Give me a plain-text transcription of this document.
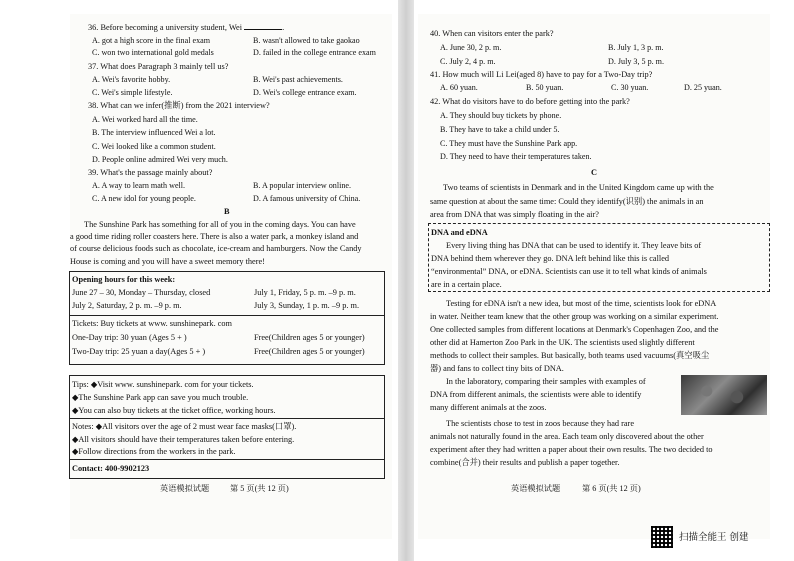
36. Before becoming a university student, Wei	.
A. got a high score in the final exam	B. wasn't allowed to take gaokao
C. won two international gold medals	D. failed in the college entrance exam
37. What does Paragraph 3 mainly tell us?
A. Wei's favorite hobby.	B. Wei's past achievements.
C. Wei's simple lifestyle.	D. Wei's college entrance exam.
38. What can we infer(推断) from the 2021 interview?
A. Wei worked hard all the time.
B. The interview influenced Wei a lot.
C. Wei looked like a common student.
D. People online admired Wei very much.
39. What's the passage mainly about?
A. A way to learn math well.	B. A popular interview online.
C. A new idol for young people.	D. A famous university of China.
B
The Sunshine Park has something for all of you in the coming days. You can have
a good time riding roller coasters here. There is also a water park, a monkey island and
of course delicious foods such as chocolate, ice-cream and hamburgers. Now the Candy
House is coming and you will have a sweet memory there!
Opening hours for this week:
June 27 – 30, Monday – Thursday, closed	July 1, Friday, 5 p. m. –9 p. m.
July 2, Saturday, 2 p. m. –9 p. m.	July 3, Sunday, 1 p. m. –9 p. m.
Tickets: Buy tickets at www. sunshinepark. com
One-Day trip: 30 yuan (Ages 5 + )	Free(Children ages 5 or younger)
Two-Day trip: 25 yuan a day(Ages 5 + )	Free(Children ages 5 or younger)
Tips: ◆Visit www. sunshinepark. com for your tickets.
◆The Sunshine Park app can save you much trouble.
◆You can also buy tickets at the ticket office, working hours.
Notes: ◆All visitors over the age of 2 must wear face masks(口罩).
◆All visitors should have their temperatures taken before entering.
◆Follow directions from the workers in the park.
Contact: 400-9902123
英语模拟试题	第 5 页(共 12 页)
40. When can visitors enter the park?
A. June 30, 2 p. m.	B. July 1, 3 p. m.
C. July 2, 4 p. m.	D. July 3, 5 p. m.
41. How much will Li Lei(aged 8) have to pay for a Two-Day trip?
A. 60 yuan.	B. 50 yuan.	C. 30 yuan.	D. 25 yuan.
42. What do visitors have to do before getting into the park?
A. They should buy tickets by phone.
B. They have to take a child under 5.
C. They must have the Sunshine Park app.
D. They need to have their temperatures taken.
C
Two teams of scientists in Denmark and in the United Kingdom came up with the
same question at about the same time: Could they identify(识别) the animals in an
area from DNA that was simply floating in the air?
DNA and eDNA
Every living thing has DNA that can be used to identify it. They leave bits of
DNA behind them wherever they go. DNA left behind like this is called
“environmental” DNA, or eDNA. Scientists can use it to tell what kinds of animals
are in a certain place.
Testing for eDNA isn't a new idea, but most of the time, scientists look for eDNA
in water. Neither team knew that the other group was working on a similar experiment.
One collected samples from different locations at Denmark's Copenhagen Zoo, and the
other did at Hamerton Zoo Park in the UK. The scientists used slightly different
methods to collect their samples. But basically, both teams used vacuums(真空吸尘
器) and fans to collect tiny bits of DNA.
In the laboratory, comparing their samples with examples of
DNA from different animals, the scientists were able to identify
many different animals at the zoos.
The scientists chose to test in zoos because they had rare
animals not naturally found in the area. Each team only discovered about the other
experiment after they had written a paper about their own results. The two decided to
combine(合并) their results and publish a paper together.
英语模拟试题	第 6 页(共 12 页)
扫描全能王 创建
